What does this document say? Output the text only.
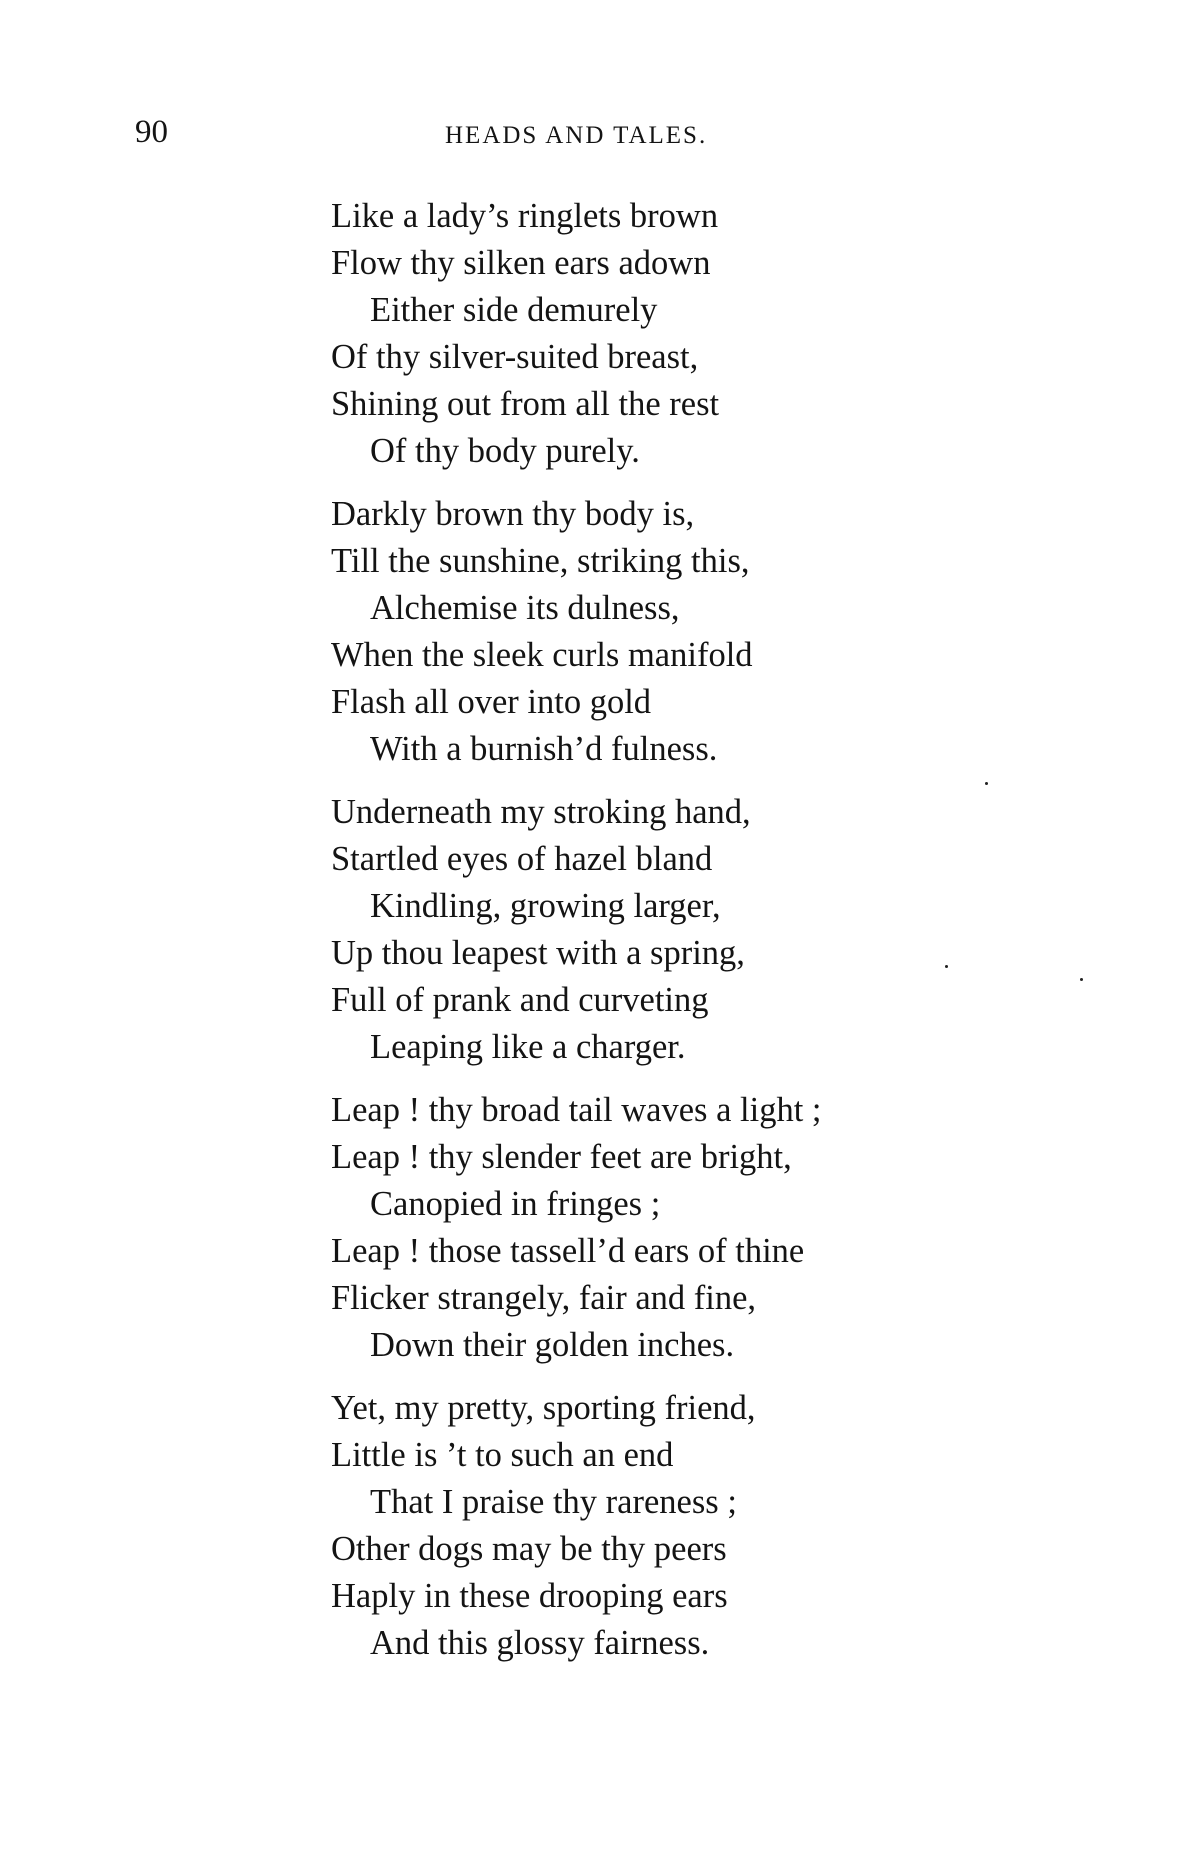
90	HEADS AND TALES.
Like a lady’s ringlets brown
Flow thy silken ears adown
Either side demurely
Of thy silver-suited breast,
Shining out from all the rest
Of thy body purely.
Darkly brown thy body is,
Till the sunshine, striking this,
Alchemise its dulness,
When the sleek curls manifold
Flash all over into gold
With a burnish’d fulness.
Underneath my stroking hand,
Startled eyes of hazel bland
Kindling, growing larger,
Up thou leapest with a spring,
Full of prank and curveting
Leaping like a charger.
Leap ! thy broad tail waves a light ;
Leap ! thy slender feet are bright,
Canopied in fringes ;
Leap ! those tassell’d ears of thine
Flicker strangely, fair and fine,
Down their golden inches.
Yet, my pretty, sporting friend,
Little is ’t to such an end
That I praise thy rareness ;
Other dogs may be thy peers
Haply in these drooping ears
And this glossy fairness.
